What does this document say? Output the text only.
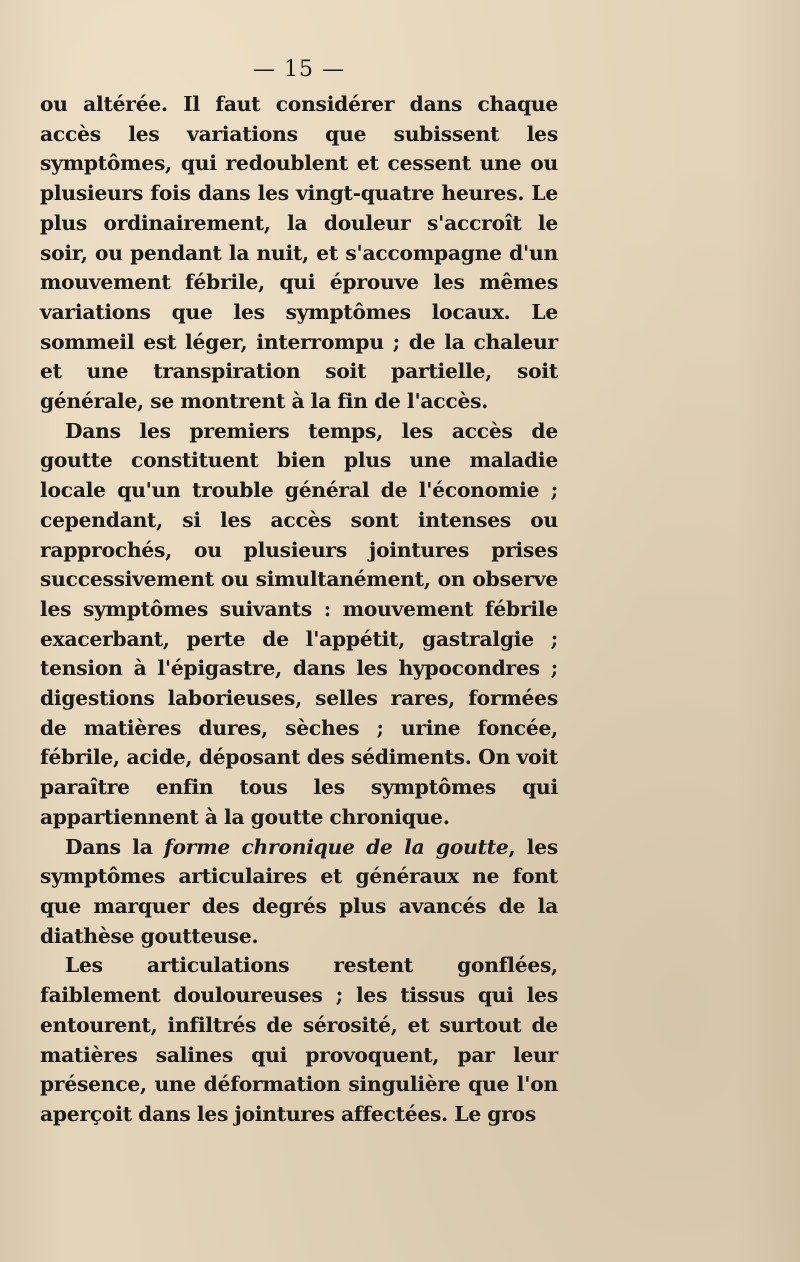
— 15 —

ou altérée. Il faut considérer dans chaque accès les variations que subissent les symptômes, qui redoublent et cessent une ou plusieurs fois dans les vingt-quatre heures. Le plus ordinairement, la douleur s'accroît le soir, ou pendant la nuit, et s'accompagne d'un mouvement fébrile, qui éprouve les mêmes variations que les symptômes locaux. Le sommeil est léger, interrompu ; de la chaleur et une transpiration soit partielle, soit générale, se montrent à la fin de l'accès.

Dans les premiers temps, les accès de goutte constituent bien plus une maladie locale qu'un trouble général de l'économie ; cependant, si les accès sont intenses ou rapprochés, ou plusieurs jointures prises successivement ou simultanément, on observe les symptômes suivants : mouvement fébrile exacerbant, perte de l'appétit, gastralgie ; tension à l'épigastre, dans les hypocondres ; digestions laborieuses, selles rares, formées de matières dures, sèches ; urine foncée, fébrile, acide, déposant des sédiments. On voit paraître enfin tous les symptômes qui appartiennent à la goutte chronique.

Dans la forme chronique de la goutte, les symptômes articulaires et généraux ne font que marquer des degrés plus avancés de la diathèse goutteuse.

Les articulations restent gonflées, faiblement douloureuses ; les tissus qui les entourent, infiltrés de sérosité, et surtout de matières salines qui provoquent, par leur présence, une déformation singulière que l'on aperçoit dans les jointures affectées. Le gros
